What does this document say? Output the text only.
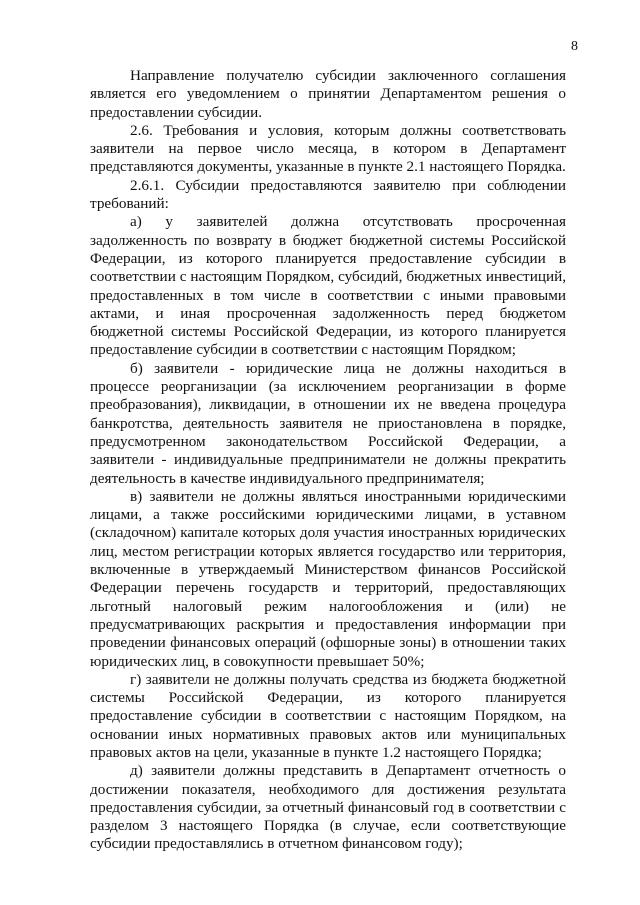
8

Направление получателю субсидии заключенного соглашения является его уведомлением о принятии Департаментом решения о предоставлении субсидии.

2.6. Требования и условия, которым должны соответствовать заявители на первое число месяца, в котором в Департамент представляются документы, указанные в пункте 2.1 настоящего Порядка.

2.6.1. Субсидии предоставляются заявителю при соблюдении требований:

а) у заявителей должна отсутствовать просроченная задолженность по возврату в бюджет бюджетной системы Российской Федерации, из которого планируется предоставление субсидии в соответствии с настоящим Порядком, субсидий, бюджетных инвестиций, предоставленных в том числе в соответствии с иными правовыми актами, и иная просроченная задолженность перед бюджетом бюджетной системы Российской Федерации, из которого планируется предоставление субсидии в соответствии с настоящим Порядком;

б) заявители - юридические лица не должны находиться в процессе реорганизации (за исключением реорганизации в форме преобразования), ликвидации, в отношении их не введена процедура банкротства, деятельность заявителя не приостановлена в порядке, предусмотренном законодательством Российской Федерации, а заявители - индивидуальные предприниматели не должны прекратить деятельность в качестве индивидуального предпринимателя;

в) заявители не должны являться иностранными юридическими лицами, а также российскими юридическими лицами, в уставном (складочном) капитале которых доля участия иностранных юридических лиц, местом регистрации которых является государство или территория, включенные в утверждаемый Министерством финансов Российской Федерации перечень государств и территорий, предоставляющих льготный налоговый режим налогообложения и (или) не предусматривающих раскрытия и предоставления информации при проведении финансовых операций (офшорные зоны) в отношении таких юридических лиц, в совокупности превышает 50%;

г) заявители не должны получать средства из бюджета бюджетной системы Российской Федерации, из которого планируется предоставление субсидии в соответствии с настоящим Порядком, на основании иных нормативных правовых актов или муниципальных правовых актов на цели, указанные в пункте 1.2 настоящего Порядка;

д) заявители должны представить в Департамент отчетность о достижении показателя, необходимого для достижения результата предоставления субсидии, за отчетный финансовый год в соответствии с разделом 3 настоящего Порядка (в случае, если соответствующие субсидии предоставлялись в отчетном финансовом году);
